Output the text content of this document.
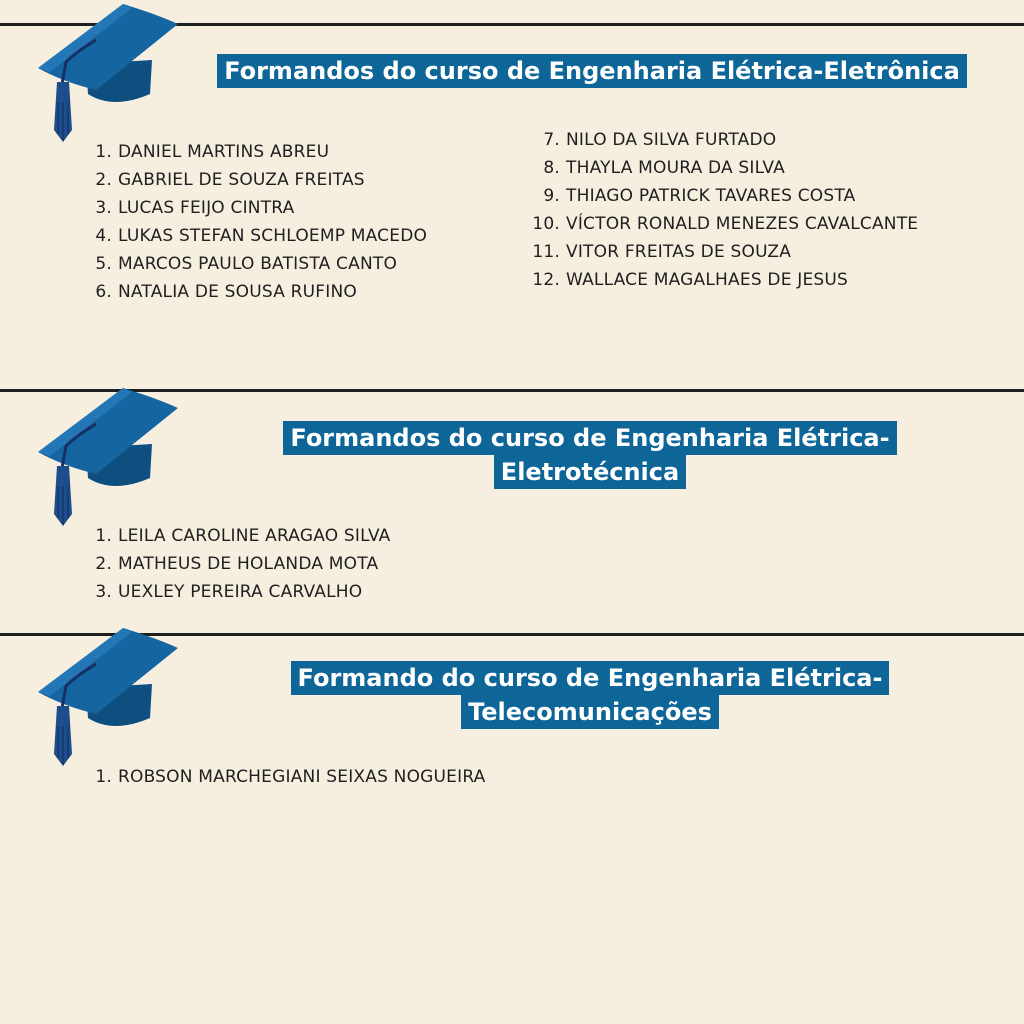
Formandos do curso de Engenharia Elétrica-Eletrônica
1. DANIEL MARTINS ABREU
2. GABRIEL DE SOUZA FREITAS
3. LUCAS FEIJO CINTRA
4. LUKAS STEFAN SCHLOEMP MACEDO
5. MARCOS PAULO BATISTA CANTO
6. NATALIA DE SOUSA RUFINO
7. NILO DA SILVA FURTADO
8. THAYLA MOURA DA SILVA
9. THIAGO PATRICK TAVARES COSTA
10. VÍCTOR RONALD MENEZES CAVALCANTE
11. VITOR FREITAS DE SOUZA
12. WALLACE MAGALHAES DE JESUS
Formandos do curso de Engenharia Elétrica-
Eletrotécnica
1. LEILA CAROLINE ARAGAO SILVA
2. MATHEUS DE HOLANDA MOTA
3. UEXLEY PEREIRA CARVALHO
Formando do curso de Engenharia Elétrica-
Telecomunicações
1. ROBSON MARCHEGIANI SEIXAS NOGUEIRA
